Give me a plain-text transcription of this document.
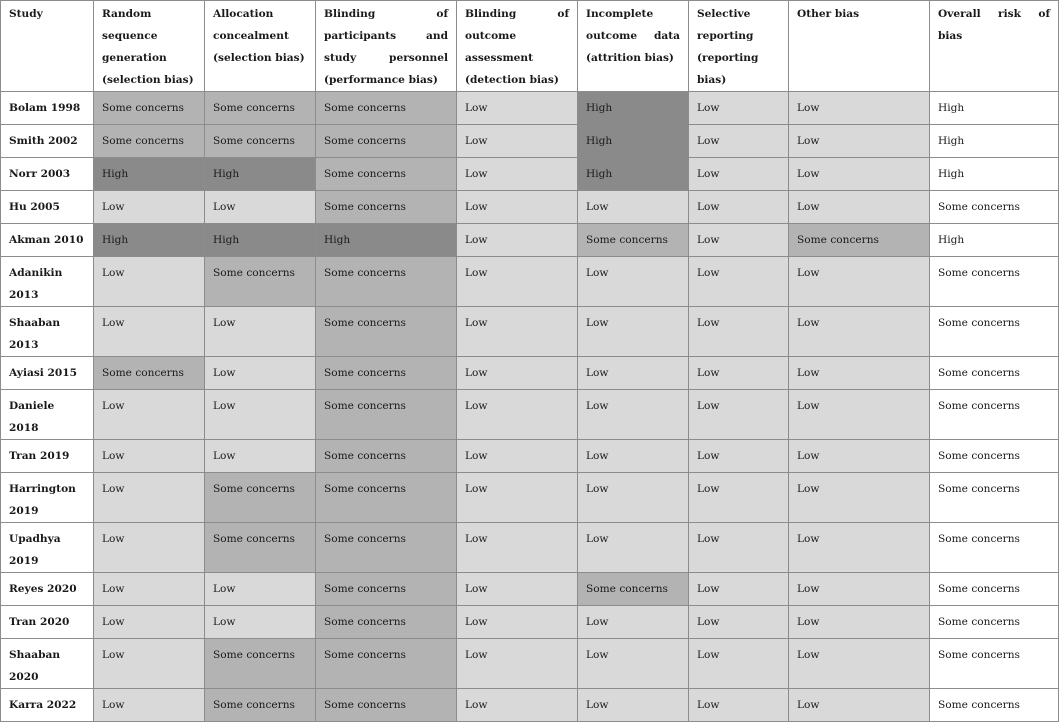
Study	Random sequence generation (selection bias)	Allocation concealment (selection bias)	Blinding of participants and study personnel (performance bias)	Blinding of outcome assessment (detection bias)	Incomplete outcome data (attrition bias)	Selective reporting (reporting bias)	Other bias	Overall risk of bias
Bolam 1998	Some concerns	Some concerns	Some concerns	Low	High	Low	Low	High
Smith 2002	Some concerns	Some concerns	Some concerns	Low	High	Low	Low	High
Norr 2003	High	High	Some concerns	Low	High	Low	Low	High
Hu 2005	Low	Low	Some concerns	Low	Low	Low	Low	Some concerns
Akman 2010	High	High	High	Low	Some concerns	Low	Some concerns	High
Adanikin 2013	Low	Some concerns	Some concerns	Low	Low	Low	Low	Some concerns
Shaaban 2013	Low	Low	Some concerns	Low	Low	Low	Low	Some concerns
Ayiasi 2015	Some concerns	Low	Some concerns	Low	Low	Low	Low	Some concerns
Daniele 2018	Low	Low	Some concerns	Low	Low	Low	Low	Some concerns
Tran 2019	Low	Low	Some concerns	Low	Low	Low	Low	Some concerns
Harrington 2019	Low	Some concerns	Some concerns	Low	Low	Low	Low	Some concerns
Upadhya 2019	Low	Some concerns	Some concerns	Low	Low	Low	Low	Some concerns
Reyes 2020	Low	Low	Some concerns	Low	Some concerns	Low	Low	Some concerns
Tran 2020	Low	Low	Some concerns	Low	Low	Low	Low	Some concerns
Shaaban 2020	Low	Some concerns	Some concerns	Low	Low	Low	Low	Some concerns
Karra 2022	Low	Some concerns	Some concerns	Low	Low	Low	Low	Some concerns
